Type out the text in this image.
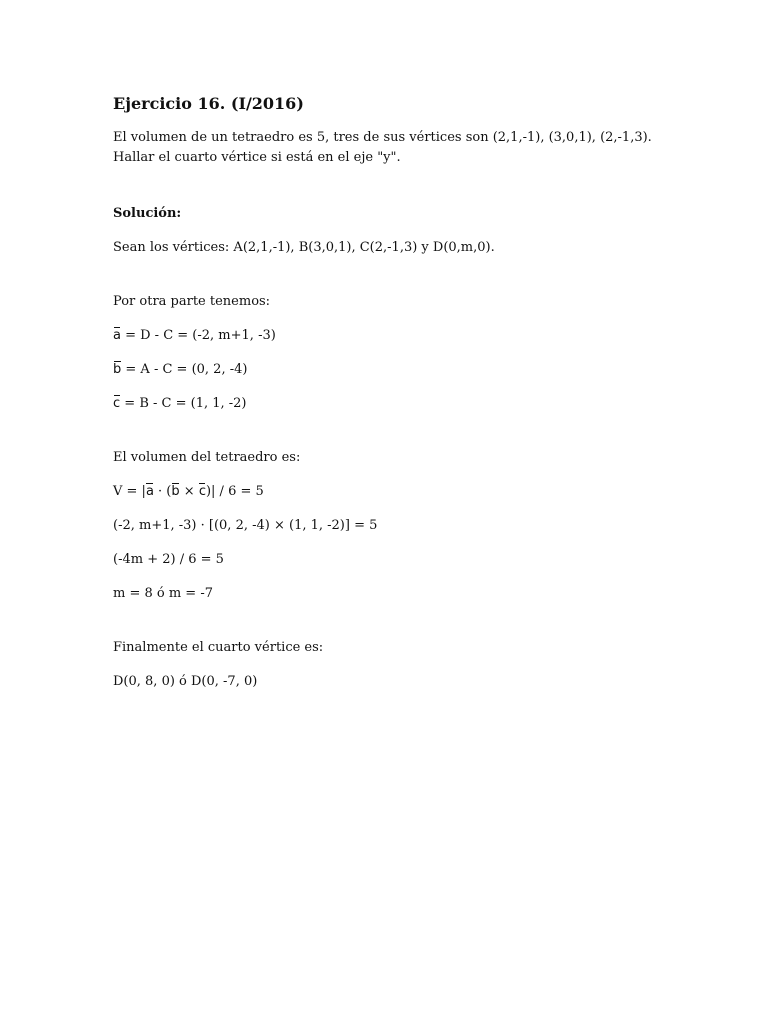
Ejercicio 16. (I/2016)
El volumen de un tetraedro es 5, tres de sus vértices son (2,1,-1), (3,0,1), (2,-1,3).
Hallar el cuarto vértice si está en el eje "y".
Solución:
Sean los vértices: A(2,1,-1), B(3,0,1), C(2,-1,3) y D(0,m,0).
Por otra parte tenemos:
a = D - C = (-2, m+1, -3)
b = A - C = (0, 2, -4)
c = B - C = (1, 1, -2)
El volumen del tetraedro es:
V = |a · (b × c)| / 6 = 5
(-2, m+1, -3) · [(0, 2, -4) × (1, 1, -2)] = 5
(-4m + 2) / 6 = 5
m = 8 ó m = -7
Finalmente el cuarto vértice es:
D(0, 8, 0) ó D(0, -7, 0)
